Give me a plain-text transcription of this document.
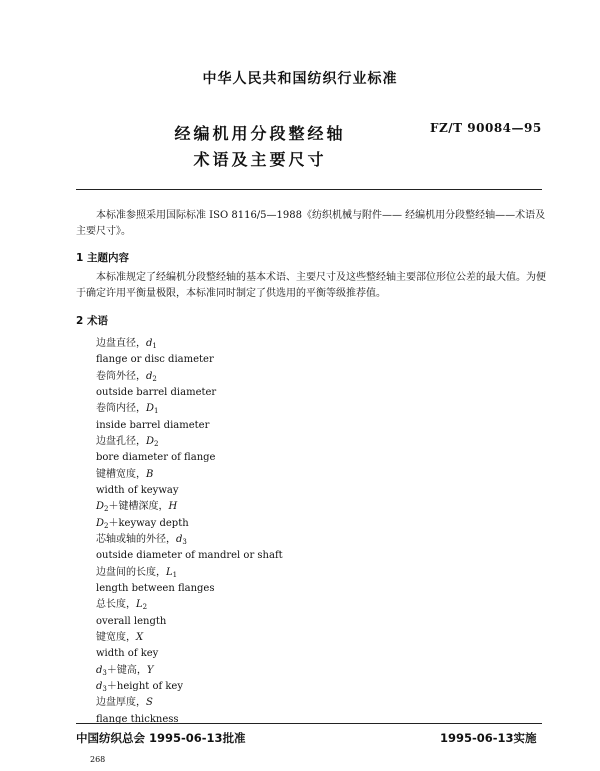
中华人民共和国纺织行业标准
经编机用分段整经轴
术语及主要尺寸
FZ/T 90084—95
本标准参照采用国际标准 ISO 8116/5—1988《纺织机械与附件—— 经编机用分段整经轴——术语及主要尺寸》。
1 主题内容
本标准规定了经编机分段整经轴的基本术语、主要尺寸及这些整经轴主要部位形位公差的最大值。为便于确定许用平衡量极限，本标准同时制定了供选用的平衡等级推荐值。
2 术语
边盘直径，$d_1$
flange or disc diameter
卷筒外径，$d_2$
outside barrel diameter
卷筒内径，$D_1$
inside barrel diameter
边盘孔径，$D_2$
bore diameter of flange
键槽宽度，B
width of keyway
$D_2+$键槽深度，H
$D_2+keyway$ depth
芯轴或轴的外径，$d_3$
outside diameter of mandrel or shaft
边盘间的长度，$L_1$
length between flanges
总长度，$L_2$
overall length
键宽度，X
width of key
$d_3+$键高，Y
$d_3+height$ of key
边盘厚度，S
flange thickness
中国纺织总会 1995-06-13批准	1995-06-13实施
268
